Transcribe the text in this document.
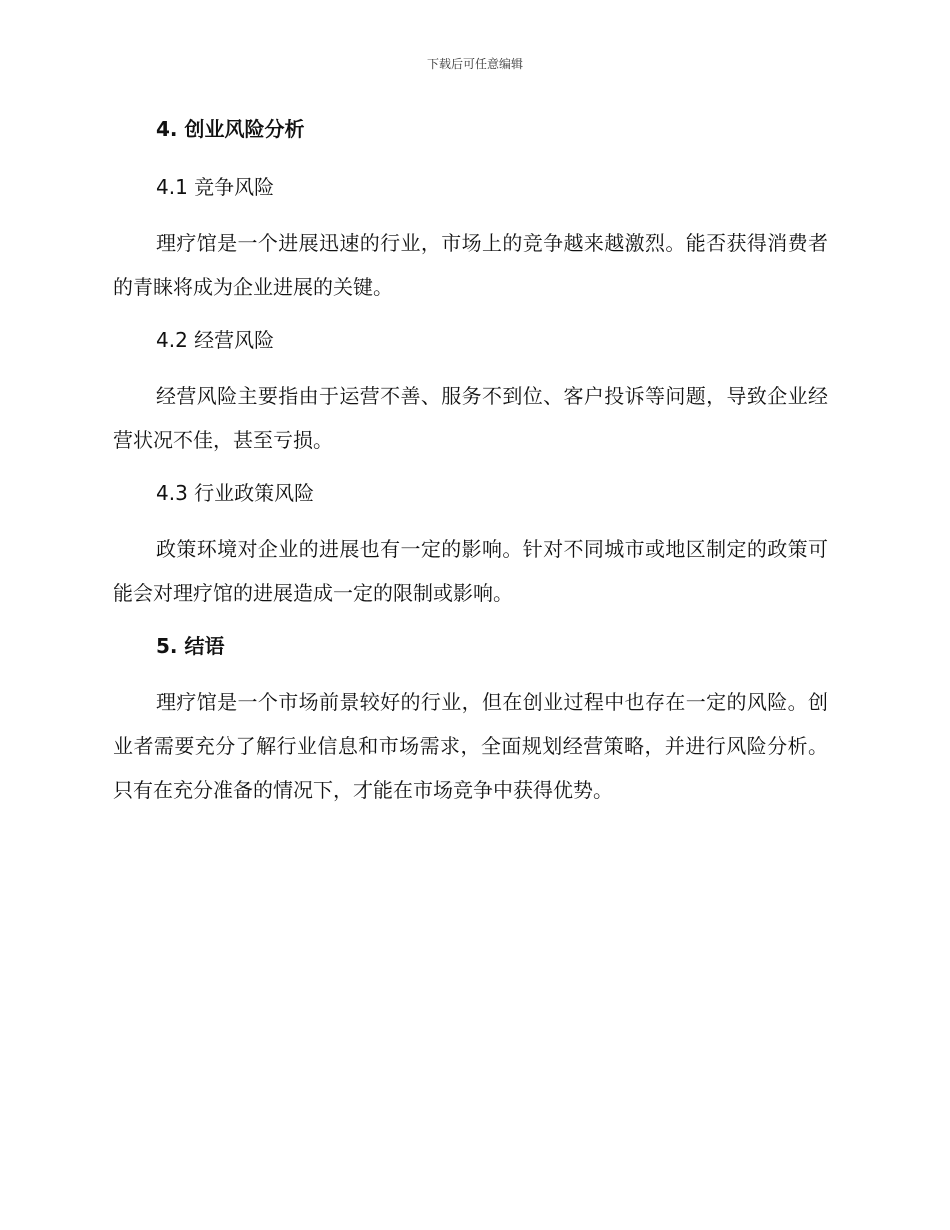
下载后可任意编辑
4. 创业风险分析
4.1 竞争风险

理疗馆是一个进展迅速的行业，市场上的竞争越来越激烈。能否获得消费者的青睐将成为企业进展的关键。

4.2 经营风险

经营风险主要指由于运营不善、服务不到位、客户投诉等问题，导致企业经营状况不佳，甚至亏损。

4.3 行业政策风险

政策环境对企业的进展也有一定的影响。针对不同城市或地区制定的政策可能会对理疗馆的进展造成一定的限制或影响。

5. 结语

理疗馆是一个市场前景较好的行业，但在创业过程中也存在一定的风险。创业者需要充分了解行业信息和市场需求，全面规划经营策略，并进行风险分析。只有在充分准备的情况下，才能在市场竞争中获得优势。
